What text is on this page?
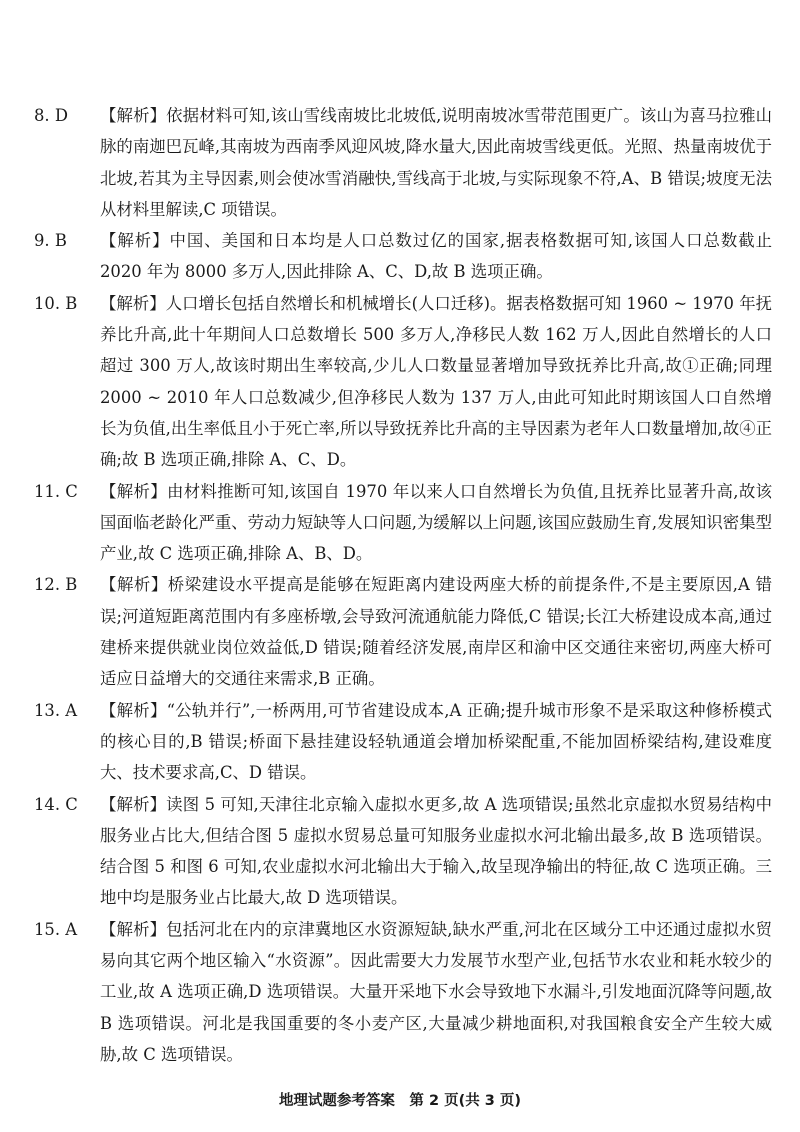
8. D 【解析】依据材料可知,该山雪线南坡比北坡低,说明南坡冰雪带范围更广。该山为喜马拉雅山脉的南迦巴瓦峰,其南坡为西南季风迎风坡,降水量大,因此南坡雪线更低。光照、热量南坡优于北坡,若其为主导因素,则会使冰雪消融快,雪线高于北坡,与实际现象不符,A、B 错误;坡度无法从材料里解读,C 项错误。
9. B 【解析】中国、美国和日本均是人口总数过亿的国家,据表格数据可知,该国人口总数截止 2020 年为 8000 多万人,因此排除 A、C、D,故 B 选项正确。
10. B 【解析】人口增长包括自然增长和机械增长(人口迁移)。据表格数据可知 1960 ~ 1970 年抚养比升高,此十年期间人口总数增长 500 多万人,净移民人数 162 万人,因此自然增长的人口超过 300 万人,故该时期出生率较高,少儿人口数量显著增加导致抚养比升高,故①正确;同理 2000 ~ 2010 年人口总数减少,但净移民人数为 137 万人,由此可知此时期该国人口自然增长为负值,出生率低且小于死亡率,所以导致抚养比升高的主导因素为老年人口数量增加,故④正确;故 B 选项正确,排除 A、C、D。
11. C 【解析】由材料推断可知,该国自 1970 年以来人口自然增长为负值,且抚养比显著升高,故该国面临老龄化严重、劳动力短缺等人口问题,为缓解以上问题,该国应鼓励生育,发展知识密集型产业,故 C 选项正确,排除 A、B、D。
12. B 【解析】桥梁建设水平提高是能够在短距离内建设两座大桥的前提条件,不是主要原因,A 错误;河道短距离范围内有多座桥墩,会导致河流通航能力降低,C 错误;长江大桥建设成本高,通过建桥来提供就业岗位效益低,D 错误;随着经济发展,南岸区和渝中区交通往来密切,两座大桥可适应日益增大的交通往来需求,B 正确。
13. A 【解析】“公轨并行”,一桥两用,可节省建设成本,A 正确;提升城市形象不是采取这种修桥模式的核心目的,B 错误;桥面下悬挂建设轻轨通道会增加桥梁配重,不能加固桥梁结构,建设难度大、技术要求高,C、D 错误。
14. C 【解析】读图 5 可知,天津往北京输入虚拟水更多,故 A 选项错误;虽然北京虚拟水贸易结构中服务业占比大,但结合图 5 虚拟水贸易总量可知服务业虚拟水河北输出最多,故 B 选项错误。结合图 5 和图 6 可知,农业虚拟水河北输出大于输入,故呈现净输出的特征,故 C 选项正确。三地中均是服务业占比最大,故 D 选项错误。
15. A 【解析】包括河北在内的京津冀地区水资源短缺,缺水严重,河北在区域分工中还通过虚拟水贸易向其它两个地区输入“水资源”。因此需要大力发展节水型产业,包括节水农业和耗水较少的工业,故 A 选项正确,D 选项错误。大量开采地下水会导致地下水漏斗,引发地面沉降等问题,故 B 选项错误。河北是我国重要的冬小麦产区,大量减少耕地面积,对我国粮食安全产生较大威胁,故 C 选项错误。
地理试题参考答案　第 2 页(共 3 页)
